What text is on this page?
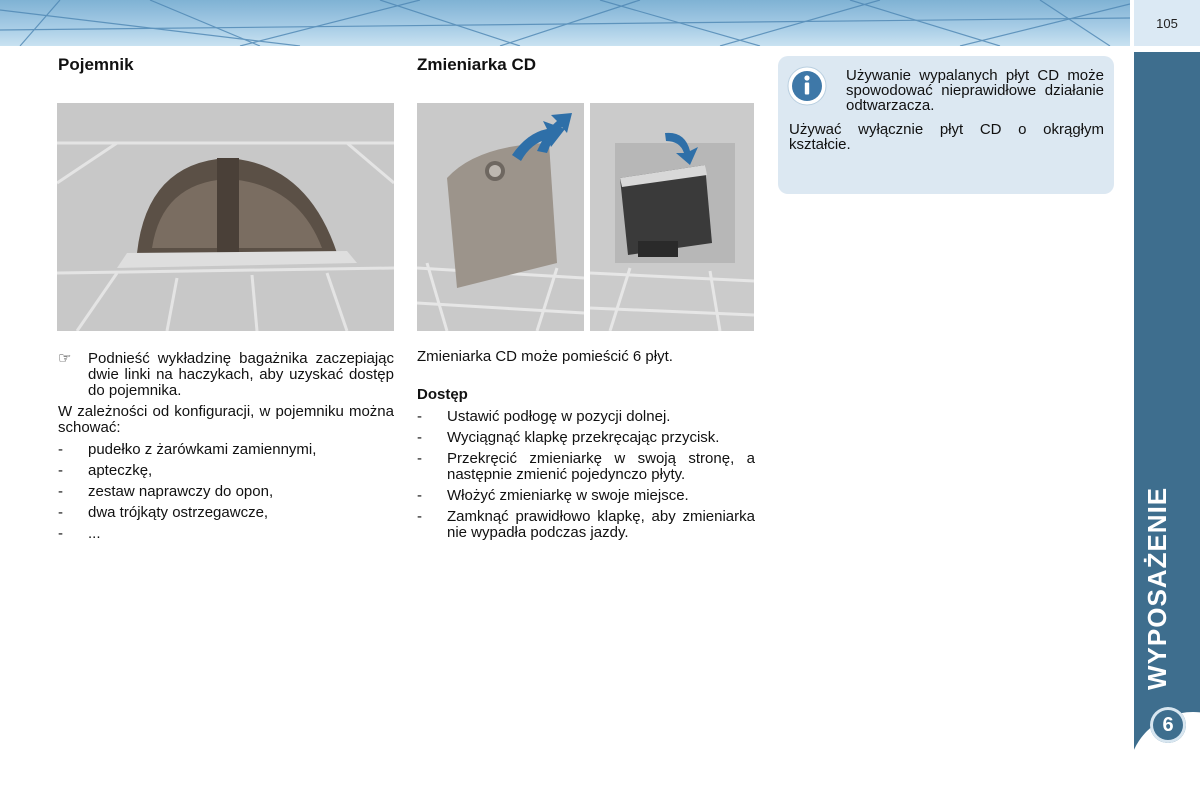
105
WYPOSAŻENIE
6
Pojemnik
☞	Podnieść wykładzinę bagażnika zaczepiając dwie linki na haczykach, aby uzyskać dostęp do pojemnika.

W zależności od konfiguracji, w pojemniku można schować:

-	pudełko z żarówkami zamiennymi,
-	apteczkę,
-	zestaw naprawczy do opon,
-	dwa trójkąty ostrzegawcze,
-	...
Zmieniarka CD

Zmieniarka CD może pomieścić 6 płyt.

Dostęp

-	Ustawić podłogę w pozycji dolnej.
-	Wyciągnąć klapkę przekręcając przycisk.
-	Przekręcić zmieniarkę w swoją stronę, a następnie zmienić pojedynczo płyty.
-	Włożyć zmieniarkę w swoje miejsce.
-	Zamknąć prawidłowo klapkę, aby zmieniarka nie wypadła podczas jazdy.
Używanie wypalanych płyt CD może spowodować nieprawidłowe działanie odtwarzacza.
Używać wyłącznie płyt CD o okrągłym kształcie.
